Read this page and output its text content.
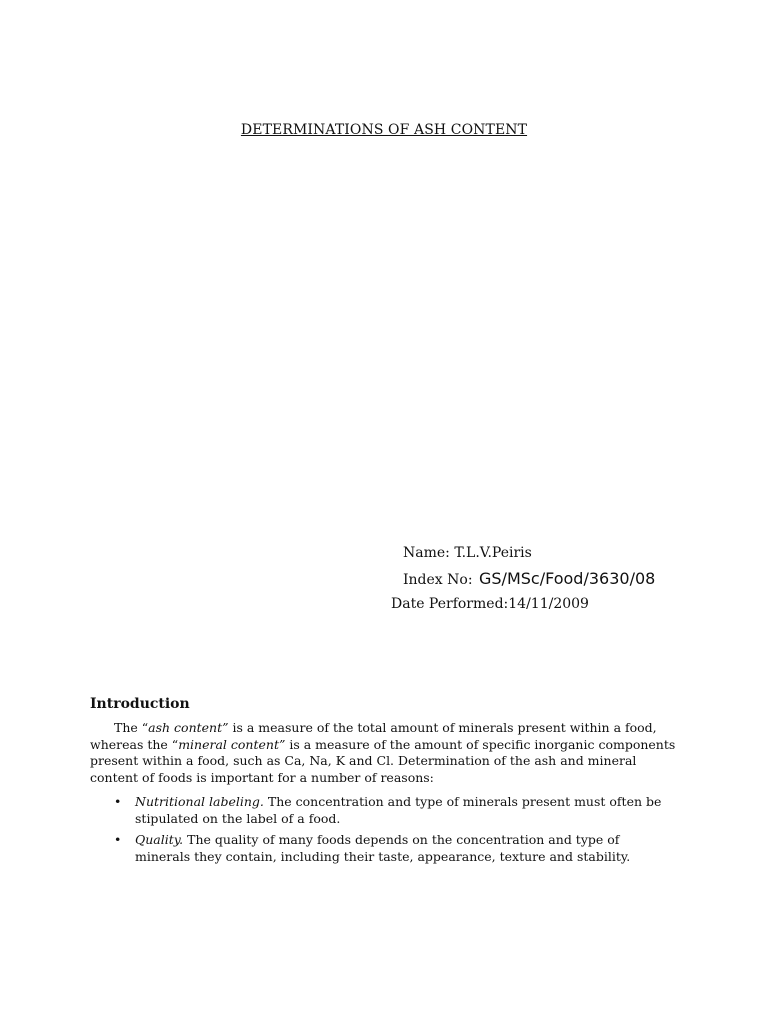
DETERMINATIONS OF ASH CONTENT
Name: T.L.V.Peiris
Index No: GS/MSc/Food/3630/08
Date Performed:14/11/2009
Introduction

The “ash content” is a measure of the total amount of minerals present within a food, whereas the “mineral content” is a measure of the amount of specific inorganic components present within a food, such as Ca, Na, K and Cl. Determination of the ash and mineral content of foods is important for a number of reasons:

• Nutritional labeling. The concentration and type of minerals present must often be stipulated on the label of a food.
• Quality. The quality of many foods depends on the concentration and type of minerals they contain, including their taste, appearance, texture and stability.
